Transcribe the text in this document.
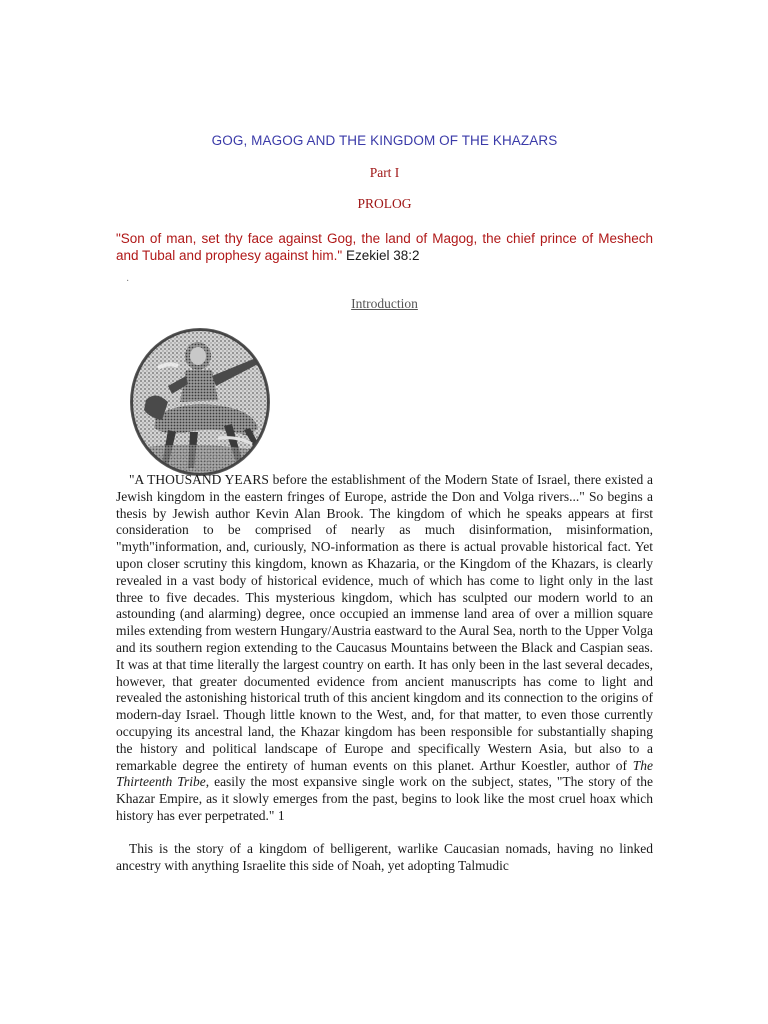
GOG, MAGOG AND THE KINGDOM OF THE KHAZARS
Part I
PROLOG
"Son of man, set thy face against Gog, the land of Magog, the chief prince of Meshech and Tubal and prophesy against him." Ezekiel 38:2
·
Introduction

"A THOUSAND YEARS before the establishment of the Modern State of Israel, there existed a Jewish kingdom in the eastern fringes of Europe, astride the Don and Volga rivers..." So begins a thesis by Jewish author Kevin Alan Brook. The kingdom of which he speaks appears at first consideration to be comprised of nearly as much disinformation, misinformation, "myth"information, and, curiously, NO-information as there is actual provable historical fact. Yet upon closer scrutiny this kingdom, known as Khazaria, or the Kingdom of the Khazars, is clearly revealed in a vast body of historical evidence, much of which has come to light only in the last three to five decades. This mysterious kingdom, which has sculpted our modern world to an astounding (and alarming) degree, once occupied an immense land area of over a million square miles extending from western Hungary/Austria eastward to the Aural Sea, north to the Upper Volga and its southern region extending to the Caucasus Mountains between the Black and Caspian seas. It was at that time literally the largest country on earth. It has only been in the last several decades, however, that greater documented evidence from ancient manuscripts has come to light and revealed the astonishing historical truth of this ancient kingdom and its connection to the origins of modern-day Israel. Though little known to the West, and, for that matter, to even those currently occupying its ancestral land, the Khazar kingdom has been responsible for substantially shaping the history and political landscape of Europe and specifically Western Asia, but also to a remarkable degree the entirety of human events on this planet. Arthur Koestler, author of The Thirteenth Tribe, easily the most expansive single work on the subject, states, "The story of the Khazar Empire, as it slowly emerges from the past, begins to look like the most cruel hoax which history has ever perpetrated." 1

This is the story of a kingdom of belligerent, warlike Caucasian nomads, having no linked ancestry with anything Israelite this side of Noah, yet adopting Talmudic
